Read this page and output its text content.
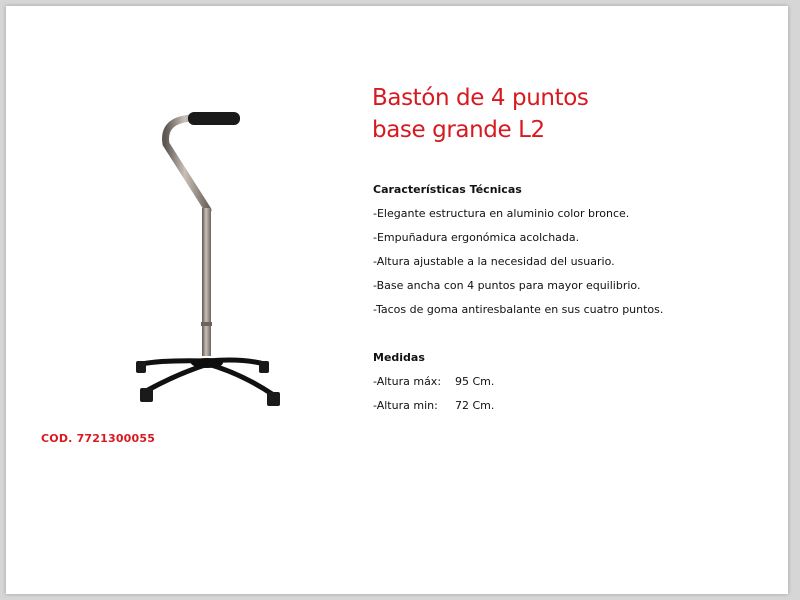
COD. 7721300055
Bastón de 4 puntos
base grande L2
Características Técnicas
-Elegante estructura en aluminio color bronce.
-Empuñadura ergonómica acolchada.
-Altura ajustable a la necesidad del usuario.
-Base ancha con 4 puntos para mayor equilibrio.
-Tacos de goma antiresbalante en sus cuatro puntos.
Medidas
-Altura máx: 95 Cm.
-Altura min: 72 Cm.
